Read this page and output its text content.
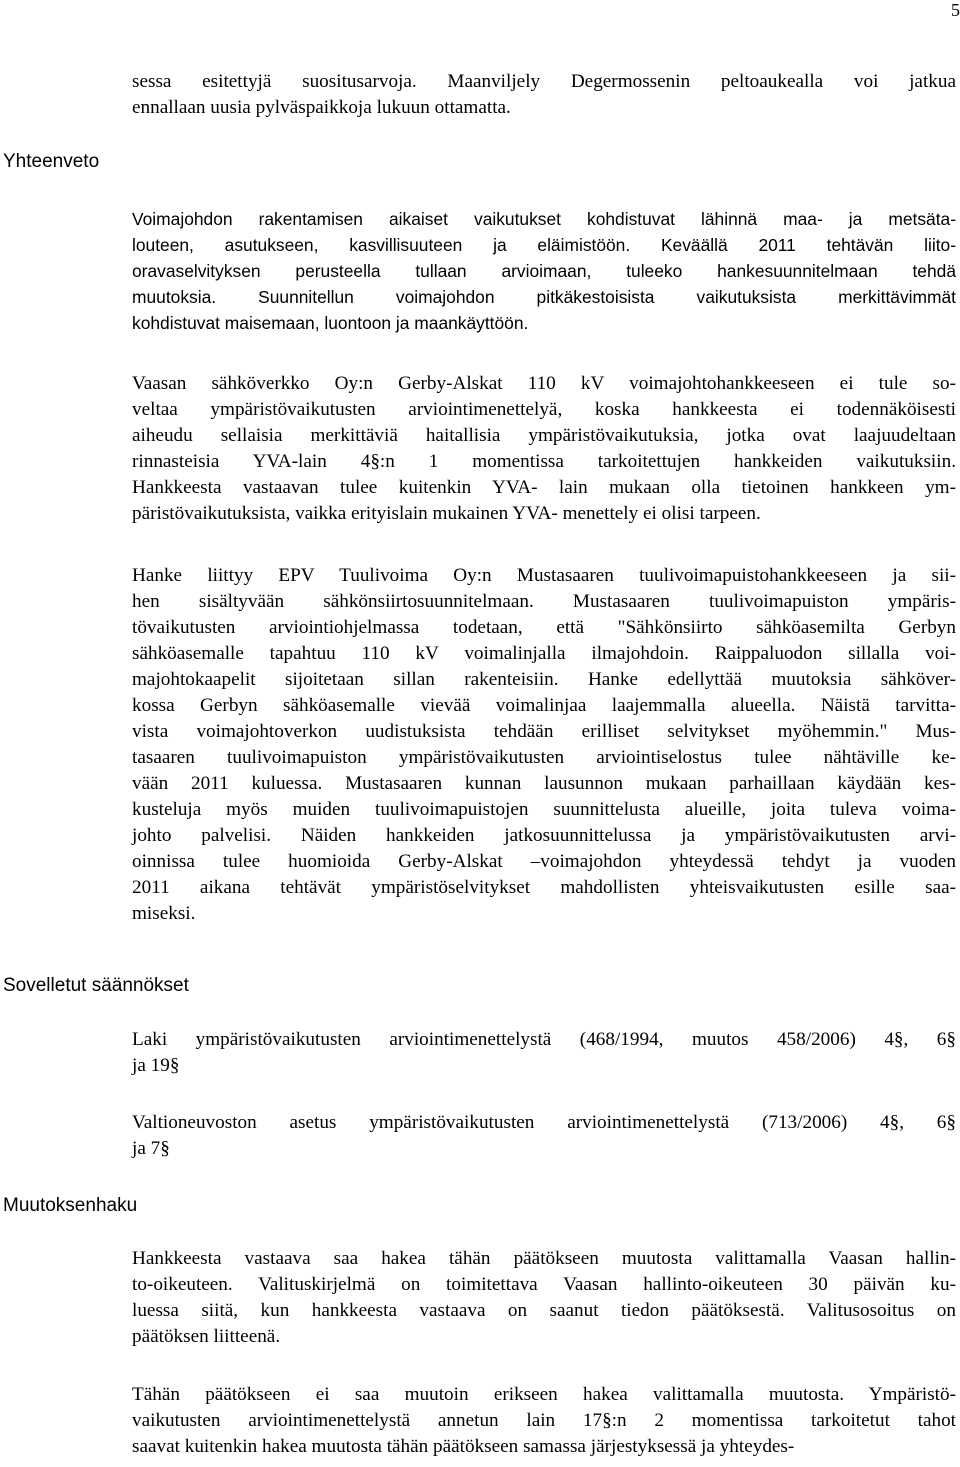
5
Yhteenveto
Sovelletut säännökset
Muutoksenhaku
sessa esitettyjä suositusarvoja. Maanviljely Degermossenin peltoaukealla voi jatkua
ennallaan uusia pylväspaikkoja lukuun ottamatta.
Voimajohdon rakentamisen aikaiset vaikutukset kohdistuvat lähinnä maa- ja metsäta-
louteen, asutukseen, kasvillisuuteen ja eläimistöön. Keväällä 2011 tehtävän liito-
oravaselvityksen perusteella tullaan arvioimaan, tuleeko hankesuunnitelmaan tehdä
muutoksia. Suunnitellun voimajohdon pitkäkestoisista vaikutuksista merkittävimmät
kohdistuvat maisemaan, luontoon ja maankäyttöön.
Vaasan sähköverkko Oy:n Gerby-Alskat 110 kV voimajohtohankkeeseen ei tule so-
veltaa ympäristövaikutusten arviointimenettelyä, koska hankkeesta ei todennäköisesti
aiheudu sellaisia merkittäviä haitallisia ympäristövaikutuksia, jotka ovat laajuudeltaan
rinnasteisia YVA-lain 4§:n 1 momentissa tarkoitettujen hankkeiden vaikutuksiin.
Hankkeesta vastaavan tulee kuitenkin YVA- lain mukaan olla tietoinen hankkeen ym-
päristövaikutuksista, vaikka erityislain mukainen YVA- menettely ei olisi tarpeen.
Hanke liittyy EPV Tuulivoima Oy:n Mustasaaren tuulivoimapuistohankkeeseen ja sii-
hen sisältyvään sähkönsiirtosuunnitelmaan. Mustasaaren tuulivoimapuiston ympäris-
tövaikutusten arviointiohjelmassa todetaan, että "Sähkönsiirto sähköasemilta Gerbyn
sähköasemalle tapahtuu 110 kV voimalinjalla ilmajohdoin. Raippaluodon sillalla voi-
majohtokaapelit sijoitetaan sillan rakenteisiin. Hanke edellyttää muutoksia sähköver-
kossa Gerbyn sähköasemalle vievää voimalinjaa laajemmalla alueella. Näistä tarvitta-
vista voimajohtoverkon uudistuksista tehdään erilliset selvitykset myöhemmin." Mus-
tasaaren tuulivoimapuiston ympäristövaikutusten arviointiselostus tulee nähtäville ke-
vään 2011 kuluessa. Mustasaaren kunnan lausunnon mukaan parhaillaan käydään kes-
kusteluja myös muiden tuulivoimapuistojen suunnittelusta alueille, joita tuleva voima-
johto palvelisi. Näiden hankkeiden jatkosuunnittelussa ja ympäristövaikutusten arvi-
oinnissa tulee huomioida Gerby-Alskat –voimajohdon yhteydessä tehdyt ja vuoden
2011 aikana tehtävät ympäristöselvitykset mahdollisten yhteisvaikutusten esille saa-
miseksi.
Laki ympäristövaikutusten arviointimenettelystä (468/1994, muutos 458/2006) 4§, 6§
ja 19§
Valtioneuvoston asetus ympäristövaikutusten arviointimenettelystä (713/2006) 4§, 6§
ja 7§
Hankkeesta vastaava saa hakea tähän päätökseen muutosta valittamalla Vaasan hallin-
to-oikeuteen. Valituskirjelmä on toimitettava Vaasan hallinto-oikeuteen 30 päivän ku-
luessa siitä, kun hankkeesta vastaava on saanut tiedon päätöksestä. Valitusosoitus on
päätöksen liitteenä.
Tähän päätökseen ei saa muutoin erikseen hakea valittamalla muutosta. Ympäristö-
vaikutusten arviointimenettelystä annetun lain 17§:n 2 momentissa tarkoitetut tahot
saavat kuitenkin hakea muutosta tähän päätökseen samassa järjestyksessä ja yhteydes-
